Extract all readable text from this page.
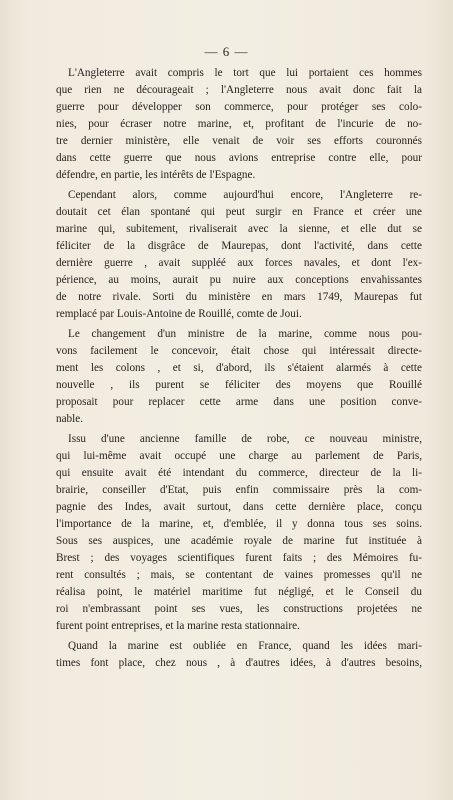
— 6 —
L'Angleterre avait compris le tort que lui portaient ces hommes
que rien ne décourageait ; l'Angleterre nous avait donc fait la
guerre pour développer son commerce, pour protéger ses colo-
nies, pour écraser notre marine, et, profitant de l'incurie de no-
tre dernier ministère, elle venait de voir ses efforts couronnés
dans cette guerre que nous avions entreprise contre elle, pour
défendre, en partie, les intérêts de l'Espagne.
Cependant alors, comme aujourd'hui encore, l'Angleterre re-
doutait cet élan spontané qui peut surgir en France et créer une
marine qui, subitement, rivaliserait avec la sienne, et elle dut se
féliciter de la disgrâce de Maurepas, dont l'activité, dans cette
dernière guerre , avait suppléé aux forces navales, et dont l'ex-
périence, au moins, aurait pu nuire aux conceptions envahissantes
de notre rivale. Sorti du ministère en mars 1749, Maurepas fut
remplacé par Louis-Antoine de Rouillé, comte de Joui.
Le changement d'un ministre de la marine, comme nous pou-
vons facilement le concevoir, était chose qui intéressait directe-
ment les colons , et si, d'abord, ils s'étaient alarmés à cette
nouvelle , ils purent se féliciter des moyens que Rouillé
proposait pour replacer cette arme dans une position conve-
nable.
Issu d'une ancienne famille de robe, ce nouveau ministre,
qui lui-même avait occupé une charge au parlement de Paris,
qui ensuite avait été intendant du commerce, directeur de la li-
brairie, conseiller d'Etat, puis enfin commissaire près la com-
pagnie des Indes, avait surtout, dans cette dernière place, conçu
l'importance de la marine, et, d'emblée, il y donna tous ses soins.
Sous ses auspices, une académie royale de marine fut instituée à
Brest ; des voyages scientifiques furent faits ; des Mémoires fu-
rent consultés ; mais, se contentant de vaines promesses qu'il ne
réalisa point, le matériel maritime fut négligé, et le Conseil du
roi n'embrassant point ses vues, les constructions projetées ne
furent point entreprises, et la marine resta stationnaire.
Quand la marine est oubliée en France, quand les idées mari-
times font place, chez nous , à d'autres idées, à d'autres besoins,
